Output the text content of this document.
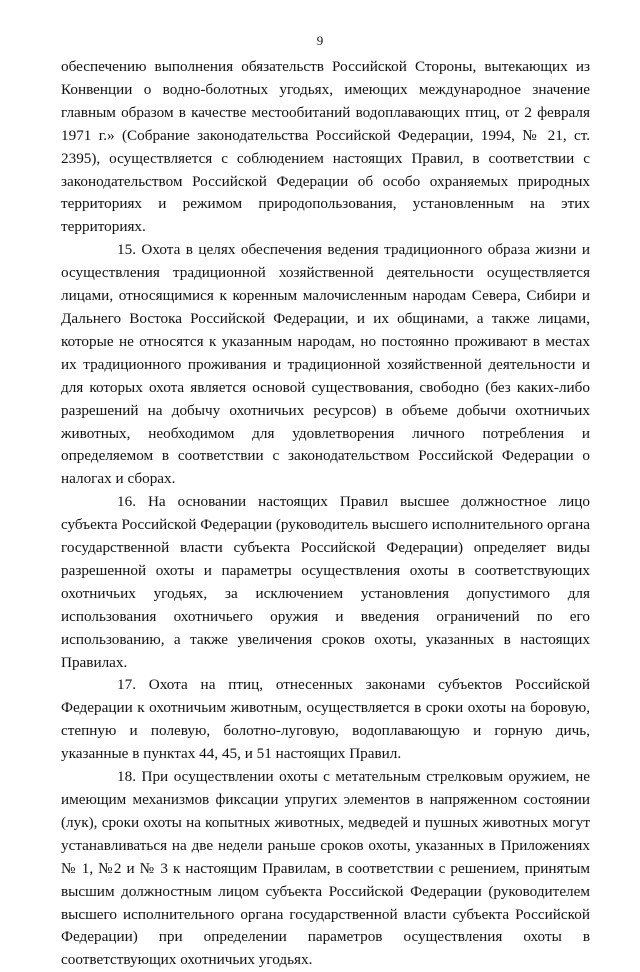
9

обеспечению выполнения обязательств Российской Стороны, вытекающих из Конвенции о водно-болотных угодьях, имеющих международное значение главным образом в качестве местообитаний водоплавающих птиц, от 2 февраля 1971 г.» (Собрание законодательства Российской Федерации, 1994, № 21, ст. 2395), осуществляется с соблюдением настоящих Правил, в соответствии с законодательством Российской Федерации об особо охраняемых природных территориях и режимом природопользования, установленным на этих территориях.

15. Охота в целях обеспечения ведения традиционного образа жизни и осуществления традиционной хозяйственной деятельности осуществляется лицами, относящимися к коренным малочисленным народам Севера, Сибири и Дальнего Востока Российской Федерации, и их общинами, а также лицами, которые не относятся к указанным народам, но постоянно проживают в местах их традиционного проживания и традиционной хозяйственной деятельности и для которых охота является основой существования, свободно (без каких-либо разрешений на добычу охотничьих ресурсов) в объеме добычи охотничьих животных, необходимом для удовлетворения личного потребления и определяемом в соответствии с законодательством Российской Федерации о налогах и сборах.

16. На основании настоящих Правил высшее должностное лицо субъекта Российской Федерации (руководитель высшего исполнительного органа государственной власти субъекта Российской Федерации) определяет виды разрешенной охоты и параметры осуществления охоты в соответствующих охотничьих угодьях, за исключением установления допустимого для использования охотничьего оружия и введения ограничений по его использованию, а также увеличения сроков охоты, указанных в настоящих Правилах.

17. Охота на птиц, отнесенных законами субъектов Российской Федерации к охотничьим животным, осуществляется в сроки охоты на боровую, степную и полевую, болотно-луговую, водоплавающую и горную дичь, указанные в пунктах 44, 45, и 51 настоящих Правил.

18. При осуществлении охоты с метательным стрелковым оружием, не имеющим механизмов фиксации упругих элементов в напряженном состоянии (лук), сроки охоты на копытных животных, медведей и пушных животных могут устанавливаться на две недели раньше сроков охоты, указанных в Приложениях № 1, №2 и № 3 к настоящим Правилам, в соответствии с решением, принятым высшим должностным лицом субъекта Российской Федерации (руководителем высшего исполнительного органа государственной власти субъекта Российской Федерации) при определении параметров осуществления охоты в соответствующих охотничьих угодьях.
